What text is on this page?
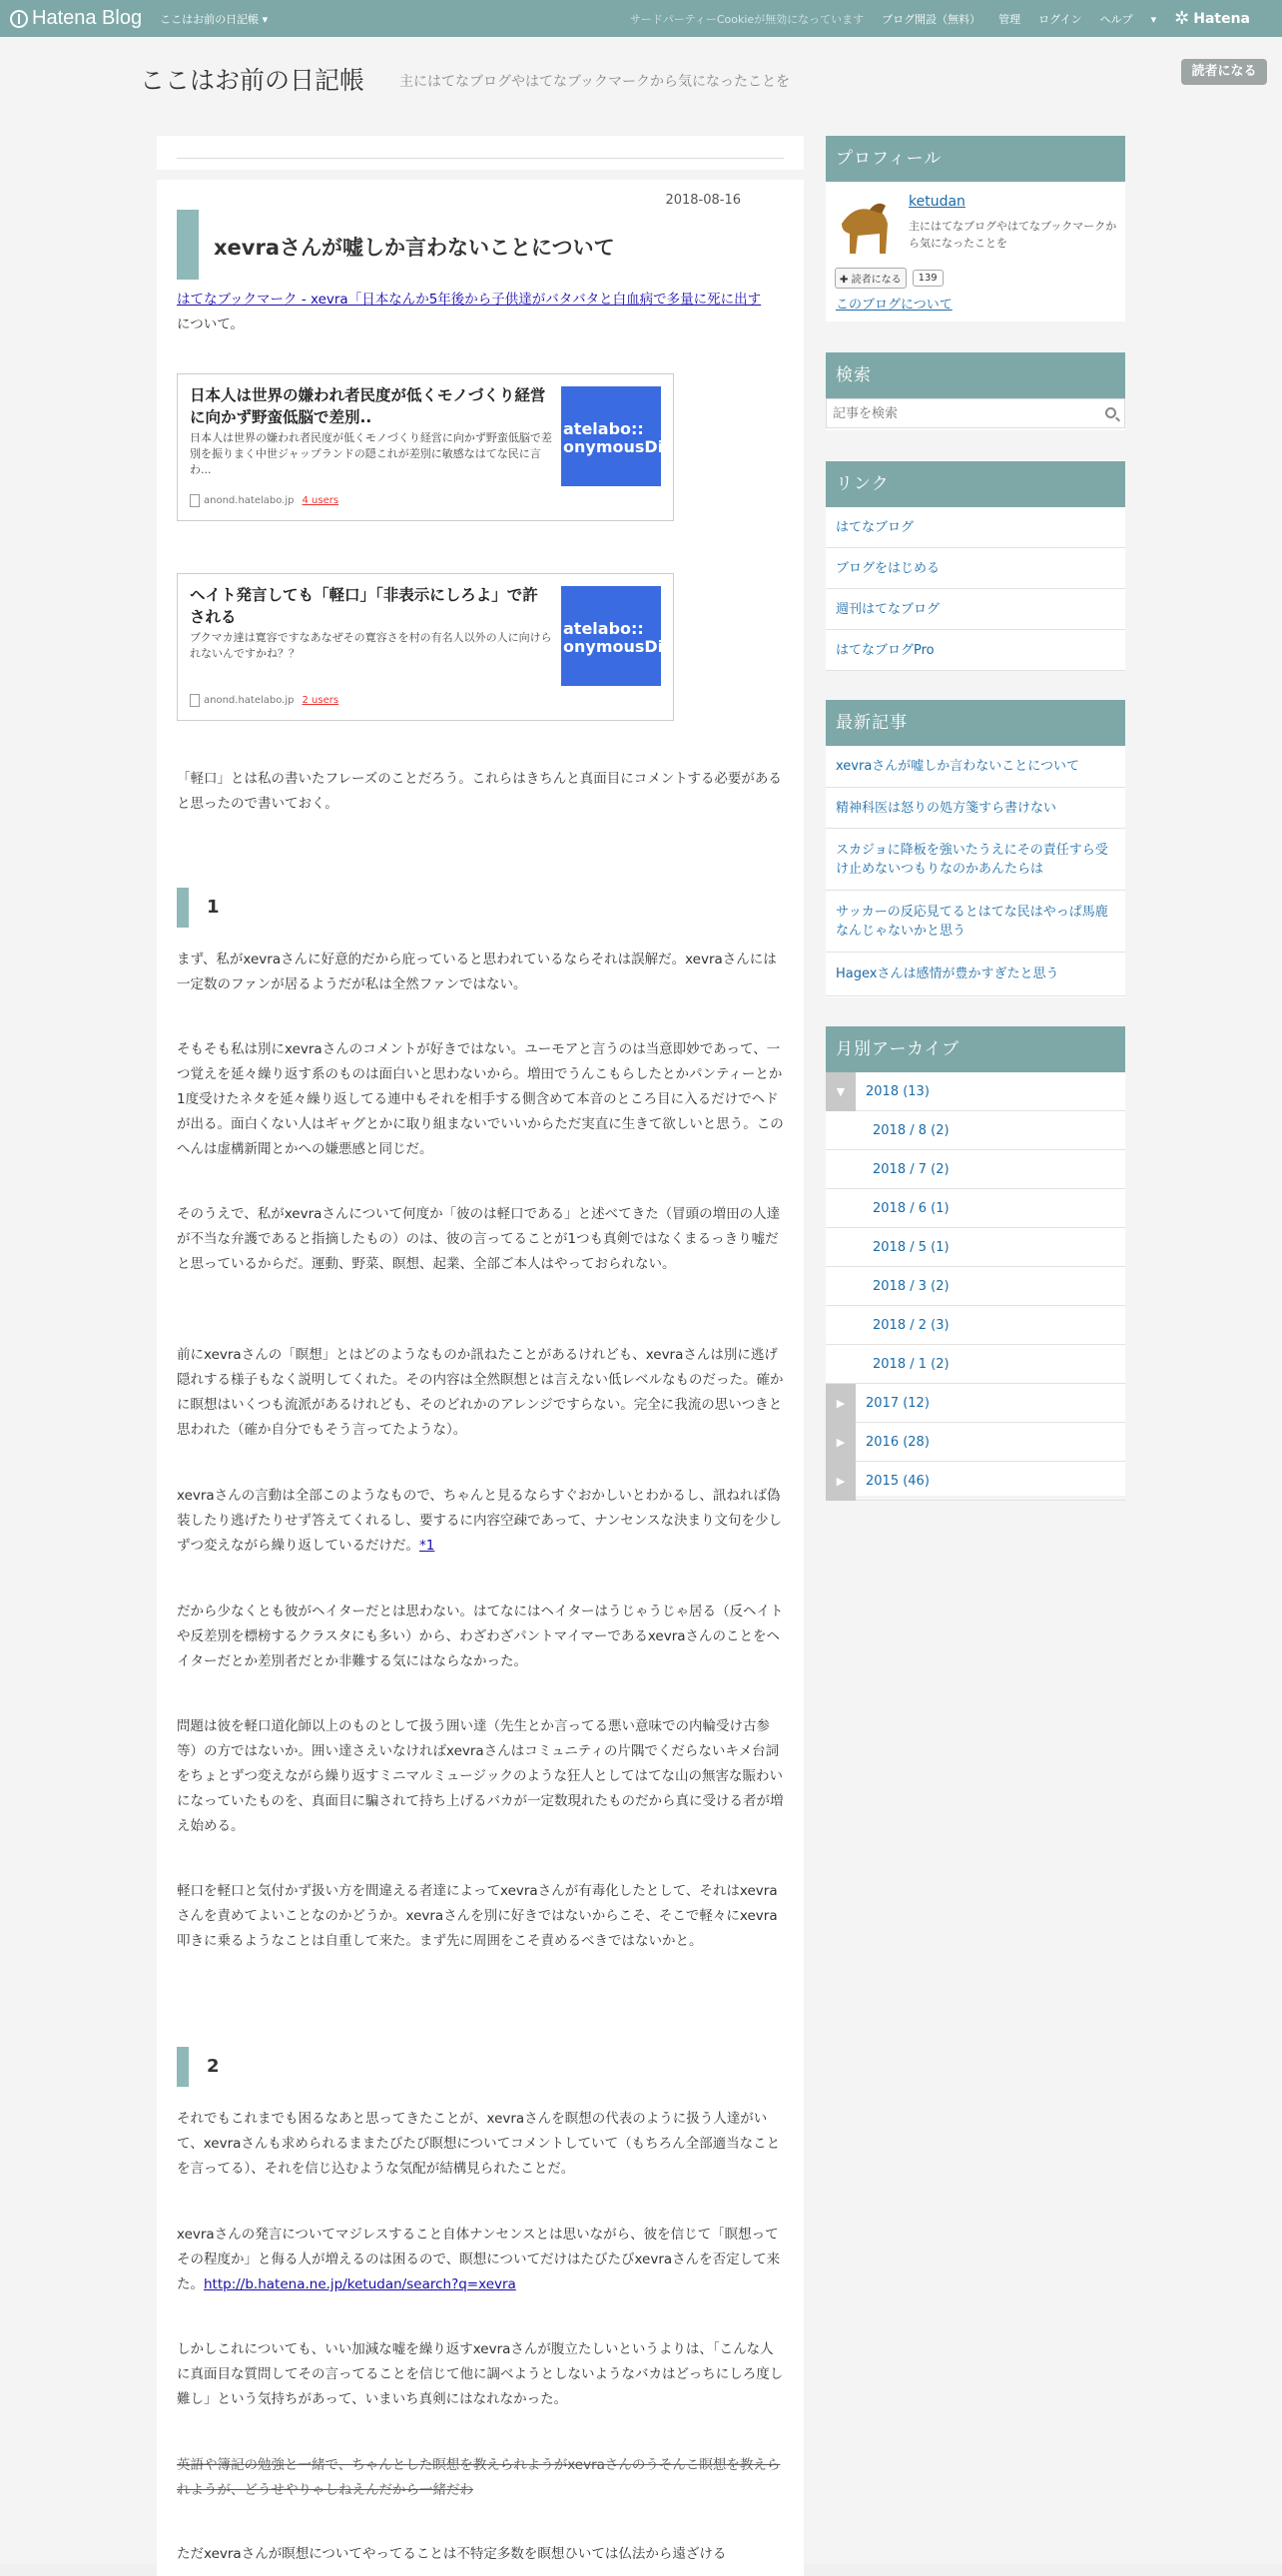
Hatena Blog ここはお前の日記帳 ▾	サードパーティーCookieが無効になっています ブログ開設（無料） 管理 ログイン ヘルプ ▾ ✲ Hatena
ここはお前の日記帳 主にはてなブログやはてなブックマークから気になったことを
読者になる
2018-08-16
xevraさんが嘘しか言わないことについて
はてなブックマーク - xevra「日本なんか5年後から子供達がバタバタと白血病で多量に死に出す
について。
日本人は世界の嫌われ者民度が低くモノづくり経営に向かず野蛮低脳で差別..
日本人は世界の嫌われ者民度が低くモノづくり経営に向かず野蛮低脳で差別を振りまく中世ジャップランドの隠これが差別に敏感なはてな民に言わ...
atelabo::
onymousDiar
anond.hatelabo.jp 4 users
ヘイト発言しても「軽口」「非表示にしろよ」で許される
ブクマカ達は寛容ですなあなぜその寛容さを村の有名人以外の人に向けられないんですかね？？
atelabo::
onymousDiar
anond.hatelabo.jp 2 users
「軽口」とは私の書いたフレーズのことだろう。これらはきちんと真面目にコメントする必要があると思ったので書いておく。
1
まず、私がxevraさんに好意的だから庇っていると思われているならそれは誤解だ。xevraさんには一定数のファンが居るようだが私は全然ファンではない。
そもそも私は別にxevraさんのコメントが好きではない。ユーモアと言うのは当意即妙であって、一つ覚えを延々繰り返す系のものは面白いと思わないから。増田でうんこもらしたとかパンティーとか1度受けたネタを延々繰り返してる連中もそれを相手する側含めて本音のところ目に入るだけでヘドが出る。面白くない人はギャグとかに取り組まないでいいからただ実直に生きて欲しいと思う。このへんは虚構新聞とかへの嫌悪感と同じだ。
そのうえで、私がxevraさんについて何度か「彼のは軽口である」と述べてきた（冒頭の増田の人達が不当な弁護であると指摘したもの）のは、彼の言ってることが1つも真剣ではなくまるっきり嘘だと思っているからだ。運動、野菜、瞑想、起業、全部ご本人はやっておられない。
前にxevraさんの「瞑想」とはどのようなものか訊ねたことがあるけれども、xevraさんは別に逃げ隠れする様子もなく説明してくれた。その内容は全然瞑想とは言えない低レベルなものだった。確かに瞑想はいくつも流派があるけれども、そのどれかのアレンジですらない。完全に我流の思いつきと思われた（確か自分でもそう言ってたような）。
xevraさんの言動は全部このようなもので、ちゃんと見るならすぐおかしいとわかるし、訊ねれば偽装したり逃げたりせず答えてくれるし、要するに内容空疎であって、ナンセンスな決まり文句を少しずつ変えながら繰り返しているだけだ。*1
だから少なくとも彼がヘイターだとは思わない。はてなにはヘイターはうじゃうじゃ居る（反ヘイトや反差別を標榜するクラスタにも多い）から、わざわざパントマイマーであるxevraさんのことをヘイターだとか差別者だとか非難する気にはならなかった。
問題は彼を軽口道化師以上のものとして扱う囲い達（先生とか言ってる悪い意味での内輪受け古参等）の方ではないか。囲い達さえいなければxevraさんはコミュニティの片隅でくだらないキメ台詞をちょとずつ変えながら繰り返すミニマルミュージックのような狂人としてはてな山の無害な賑わいになっていたものを、真面目に騙されて持ち上げるバカが一定数現れたものだから真に受ける者が増え始める。
軽口を軽口と気付かず扱い方を間違える者達によってxevraさんが有毒化したとして、それはxevraさんを責めてよいことなのかどうか。xevraさんを別に好きではないからこそ、そこで軽々にxevra叩きに乗るようなことは自重して来た。まず先に周囲をこそ責めるべきではないかと。
2
それでもこれまでも困るなあと思ってきたことが、xevraさんを瞑想の代表のように扱う人達がいて、xevraさんも求められるままたびたび瞑想についてコメントしていて（もちろん全部適当なことを言ってる）、それを信じ込むような気配が結構見られたことだ。
xevraさんの発言についてマジレスすること自体ナンセンスとは思いながら、彼を信じて「瞑想ってその程度か」と侮る人が増えるのは困るので、瞑想についてだけはたびたびxevraさんを否定して来た。http://b.hatena.ne.jp/ketudan/search?q=xevra
しかしこれについても、いい加減な嘘を繰り返すxevraさんが腹立たしいというよりは、「こんな人に真面目な質問してその言ってることを信じて他に調べようとしないようなバカはどっちにしろ度し難し」という気持ちがあって、いまいち真剣にはなれなかった。
英語や簿記の勉強と一緒で、ちゃんとした瞑想を教えられようがxevraさんのうそんこ瞑想を教えられようが、どうせやりゃしねえんだから一緒だわ
ただxevraさんが瞑想についてやってることは不特定多数を瞑想ひいては仏法から遠ざける
プロフィール
ketudan
主にはてなブログやはてなブックマークから気になったことを
✚ 読者になる	139
このブログについて
検索
記事を検索
リンク
はてなブログ
ブログをはじめる
週刊はてなブログ
はてなブログPro
最新記事
xevraさんが嘘しか言わないことについて
精神科医は怒りの処方箋すら書けない
スカジョに降板を強いたうえにその責任すら受け止めないつもりなのかあんたらは
サッカーの反応見てるとはてな民はやっぱ馬鹿なんじゃないかと思う
Hagexさんは感情が豊かすぎたと思う
月別アーカイブ
▼	2018 (13)
2018 / 8 (2)
2018 / 7 (2)
2018 / 6 (1)
2018 / 5 (1)
2018 / 3 (2)
2018 / 2 (3)
2018 / 1 (2)
▶	2017 (12)
▶	2016 (28)
▶	2015 (46)
